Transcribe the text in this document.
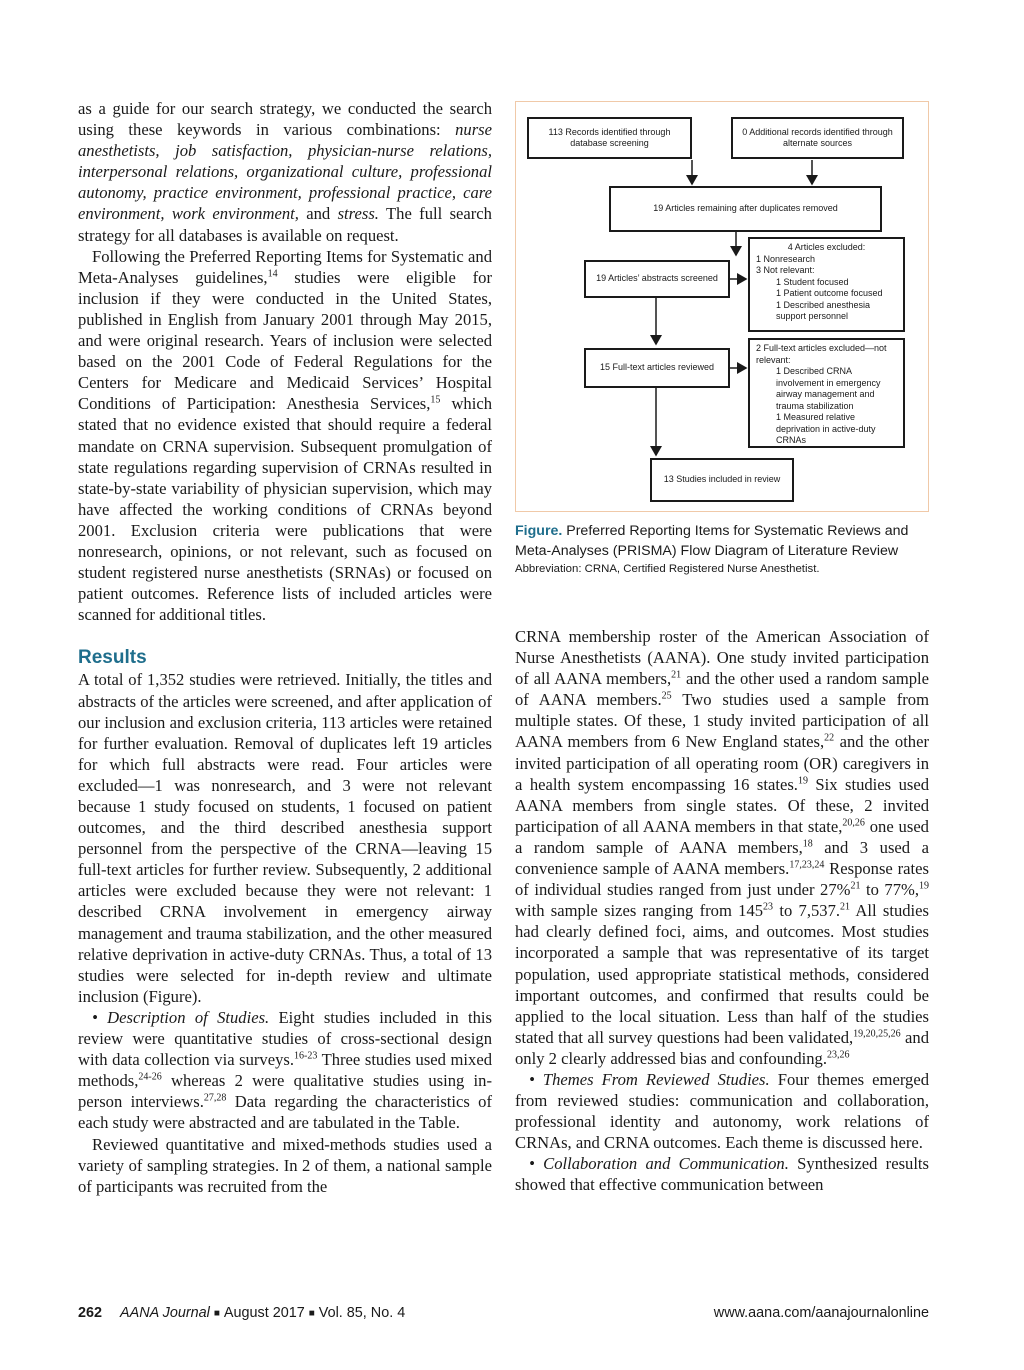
as a guide for our search strategy, we conducted the search using these keywords in various combinations: nurse anesthetists, job satisfaction, physician-nurse relations, interpersonal relations, organizational culture, professional autonomy, practice environment, professional practice, care environment, work environment, and stress. The full search strategy for all databases is available on request.

Following the Preferred Reporting Items for Systematic and Meta-Analyses guidelines,$^{14}$ studies were eligible for inclusion if they were conducted in the United States, published in English from January 2001 through May 2015, and were original research. Years of inclusion were selected based on the 2001 Code of Federal Regulations for the Centers for Medicare and Medicaid Services’ Hospital Conditions of Participation: Anesthesia Services,$^{15}$ which stated that no evidence existed that should require a federal mandate on CRNA supervision. Subsequent promulgation of state regulations regarding supervision of CRNAs resulted in state-by-state variability of physician supervision, which may have affected the working conditions of CRNAs beyond 2001. Exclusion criteria were publications that were nonresearch, opinions, or not relevant, such as focused on student registered nurse anesthetists (SRNAs) or focused on patient outcomes. Reference lists of included articles were scanned for additional titles.

Results

A total of 1,352 studies were retrieved. Initially, the titles and abstracts of the articles were screened, and after application of our inclusion and exclusion criteria, 113 articles were retained for further evaluation. Removal of duplicates left 19 articles for which full abstracts were read. Four articles were excluded—1 was nonresearch, and 3 were not relevant because 1 study focused on students, 1 focused on patient outcomes, and the third described anesthesia support personnel from the perspective of the CRNA—leaving 15 full-text articles for further review. Subsequently, 2 additional articles were excluded because they were not relevant: 1 described CRNA involvement in emergency airway management and trauma stabilization, and the other measured relative deprivation in active-duty CRNAs. Thus, a total of 13 studies were selected for in-depth review and ultimate inclusion (Figure).

• Description of Studies. Eight studies included in this review were quantitative studies of cross-sectional design with data collection via surveys.$^{16-23}$ Three studies used mixed methods,$^{24-26}$ whereas 2 were qualitative studies using in-person interviews.$^{27,28}$ Data regarding the characteristics of each study were abstracted and are tabulated in the Table.

Reviewed quantitative and mixed-methods studies used a variety of sampling strategies. In 2 of them, a national sample of participants was recruited from the

113 Records identified through database screening
0 Additional records identified through alternate sources
19 Articles remaining after duplicates removed
19 Articles’ abstracts screened
4 Articles excluded:
1 Nonresearch
3 Not relevant:
1 Student focused
1 Patient outcome focused
1 Described anesthesia support personnel
15 Full-text articles reviewed
2 Full-text articles excluded—not relevant:
1 Described CRNA involvement in emergency airway management and trauma stabilization
1 Measured relative deprivation in active-duty CRNAs
13 Studies included in review
Figure. Preferred Reporting Items for Systematic Reviews and Meta-Analyses (PRISMA) Flow Diagram of Literature Review
Abbreviation: CRNA, Certified Registered Nurse Anesthetist.

CRNA membership roster of the American Association of Nurse Anesthetists (AANA). One study invited participation of all AANA members,$^{21}$ and the other used a random sample of AANA members.$^{25}$ Two studies used a sample from multiple states. Of these, 1 study invited participation of all AANA members from 6 New England states,$^{22}$ and the other invited participation of all operating room (OR) caregivers in a health system encompassing 16 states.$^{19}$ Six studies used AANA members from single states. Of these, 2 invited participation of all AANA members in that state,$^{20,26}$ one used a random sample of AANA members,$^{18}$ and 3 used a convenience sample of AANA members.$^{17,23,24}$ Response rates of individual studies ranged from just under 27%$^{21}$ to 77%,$^{19}$ with sample sizes ranging from $145^{23}$ to 7,537.21 All studies had clearly defined foci, aims, and outcomes. Most studies incorporated a sample that was representative of its target population, used appropriate statistical methods, considered important outcomes, and confirmed that results could be applied to the local situation. Less than half of the studies stated that all survey questions had been validated,$^{19,20,25,26}$ and only 2 clearly addressed bias and confounding.$^{23,26}$

• Themes From Reviewed Studies. Four themes emerged from reviewed studies: communication and collaboration, professional identity and autonomy, work relations of CRNAs, and CRNA outcomes. Each theme is discussed here.

• Collaboration and Communication. Synthesized results showed that effective communication between

262 AANA Journal ■ August 2017 ■ Vol. 85, No. 4	www.aana.com/aanajournalonline
